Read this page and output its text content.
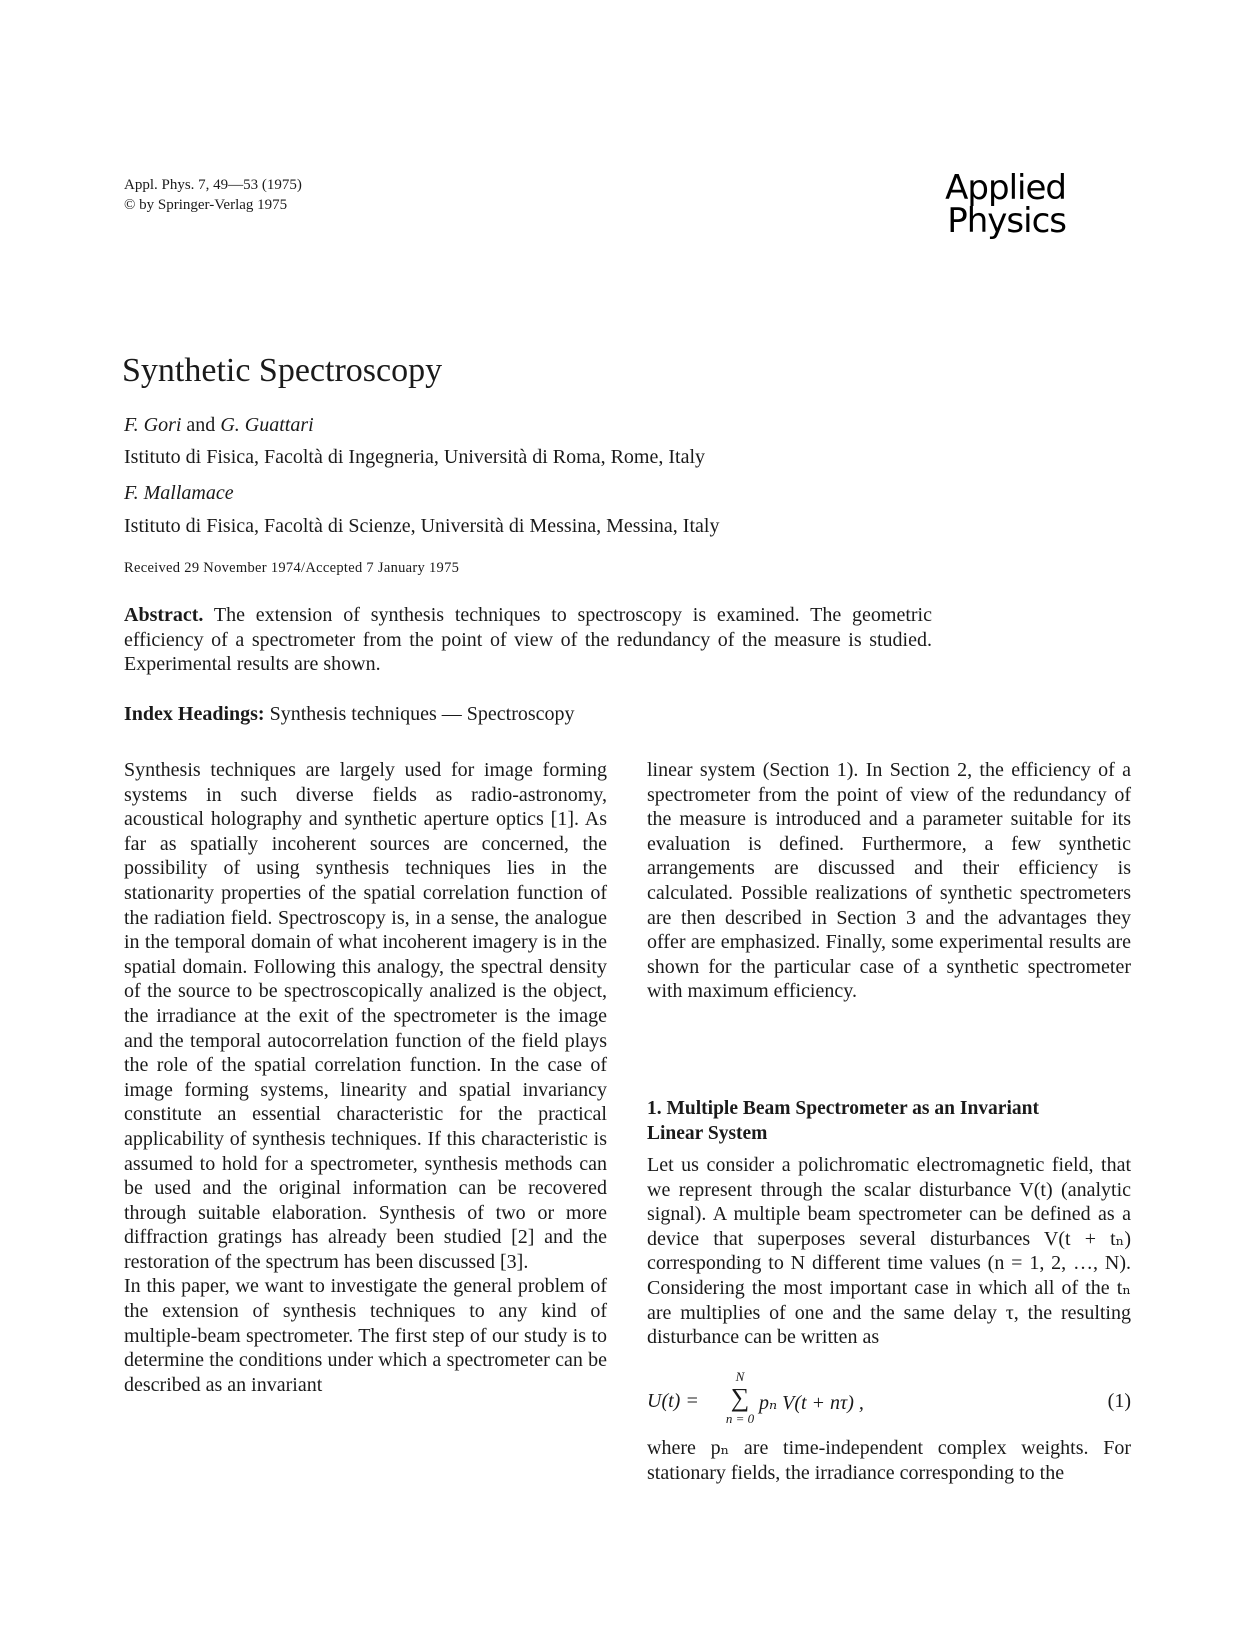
Appl. Phys. 7, 49—53 (1975)
© by Springer-Verlag 1975	Applied
Physics
Synthetic Spectroscopy
F. Gori and G. Guattari
Istituto di Fisica, Facoltà di Ingegneria, Università di Roma, Rome, Italy
F. Mallamace
Istituto di Fisica, Facoltà di Scienze, Università di Messina, Messina, Italy
Received 29 November 1974/Accepted 7 January 1975
Abstract. The extension of synthesis techniques to spectroscopy is examined. The geometric efficiency of a spectrometer from the point of view of the redundancy of the measure is studied. Experimental results are shown.
Index Headings: Synthesis techniques — Spectroscopy

Synthesis techniques are largely used for image forming systems in such diverse fields as radio-astronomy, acoustical holography and synthetic aperture optics [1]. As far as spatially incoherent sources are concerned, the possibility of using synthesis techniques lies in the stationarity properties of the spatial correlation function of the radiation field. Spectroscopy is, in a sense, the analogue in the temporal domain of what incoherent imagery is in the spatial domain. Following this analogy, the spectral density of the source to be spectroscopically analized is the object, the irradiance at the exit of the spectrometer is the image and the temporal autocorrelation function of the field plays the role of the spatial correlation function. In the case of image forming systems, linearity and spatial invariancy constitute an essential characteristic for the practical applicability of synthesis techniques. If this characteristic is assumed to hold for a spectrometer, synthesis methods can be used and the original information can be recovered through suitable elaboration. Synthesis of two or more diffraction gratings has already been studied [2] and the restoration of the spectrum has been discussed [3].

In this paper, we want to investigate the general problem of the extension of synthesis techniques to any kind of multiple-beam spectrometer. The first step of our study is to determine the conditions under which a spectrometer can be described as an invariant

linear system (Section 1). In Section 2, the efficiency of a spectrometer from the point of view of the redundancy of the measure is introduced and a parameter suitable for its evaluation is defined. Furthermore, a few synthetic arrangements are discussed and their efficiency is calculated. Possible realizations of synthetic spectrometers are then described in Section 3 and the advantages they offer are emphasized. Finally, some experimental results are shown for the particular case of a synthetic spectrometer with maximum efficiency.

1. Multiple Beam Spectrometer as an Invariant
Linear System

Let us consider a polichromatic electromagnetic field, that we represent through the scalar disturbance V(t) (analytic signal). A multiple beam spectrometer can be defined as a device that superposes several disturbances V(t + tₙ) corresponding to N different time values (n = 1, 2, …, N). Considering the most important case in which all of the tₙ are multiplies of one and the same delay τ, the resulting disturbance can be written as

U(t) =
N
∑
n = 0
pₙ V(t + nτ) ,	(1)

where pₙ are time-independent complex weights. For stationary fields, the irradiance corresponding to the
